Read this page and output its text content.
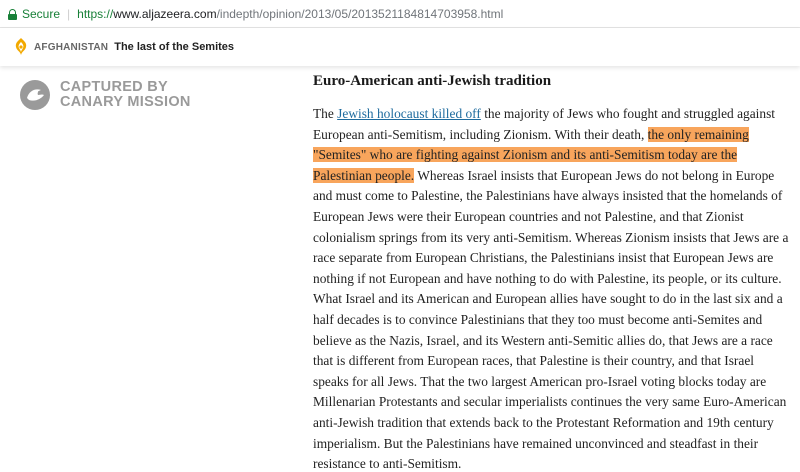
Secure | https://www.aljazeera.com/indepth/opinion/2013/05/2013521184814703958.html
AFGHANISTAN The last of the Semites
CAPTURED BY
CANARY MISSION
Euro-American anti-Jewish tradition
The Jewish holocaust killed off the majority of Jews who fought and struggled against
European anti-Semitism, including Zionism. With their death, the only remaining
"Semites" who are fighting against Zionism and its anti-Semitism today are the
Palestinian people. Whereas Israel insists that European Jews do not belong in Europe
and must come to Palestine, the Palestinians have always insisted that the homelands of
European Jews were their European countries and not Palestine, and that Zionist
colonialism springs from its very anti-Semitism. Whereas Zionism insists that Jews are a
race separate from European Christians, the Palestinians insist that European Jews are
nothing if not European and have nothing to do with Palestine, its people, or its culture.
What Israel and its American and European allies have sought to do in the last six and a
half decades is to convince Palestinians that they too must become anti-Semites and
believe as the Nazis, Israel, and its Western anti-Semitic allies do, that Jews are a race
that is different from European races, that Palestine is their country, and that Israel
speaks for all Jews. That the two largest American pro-Israel voting blocks today are
Millenarian Protestants and secular imperialists continues the very same Euro-American
anti-Jewish tradition that extends back to the Protestant Reformation and 19th century
imperialism. But the Palestinians have remained unconvinced and steadfast in their
resistance to anti-Semitism.
